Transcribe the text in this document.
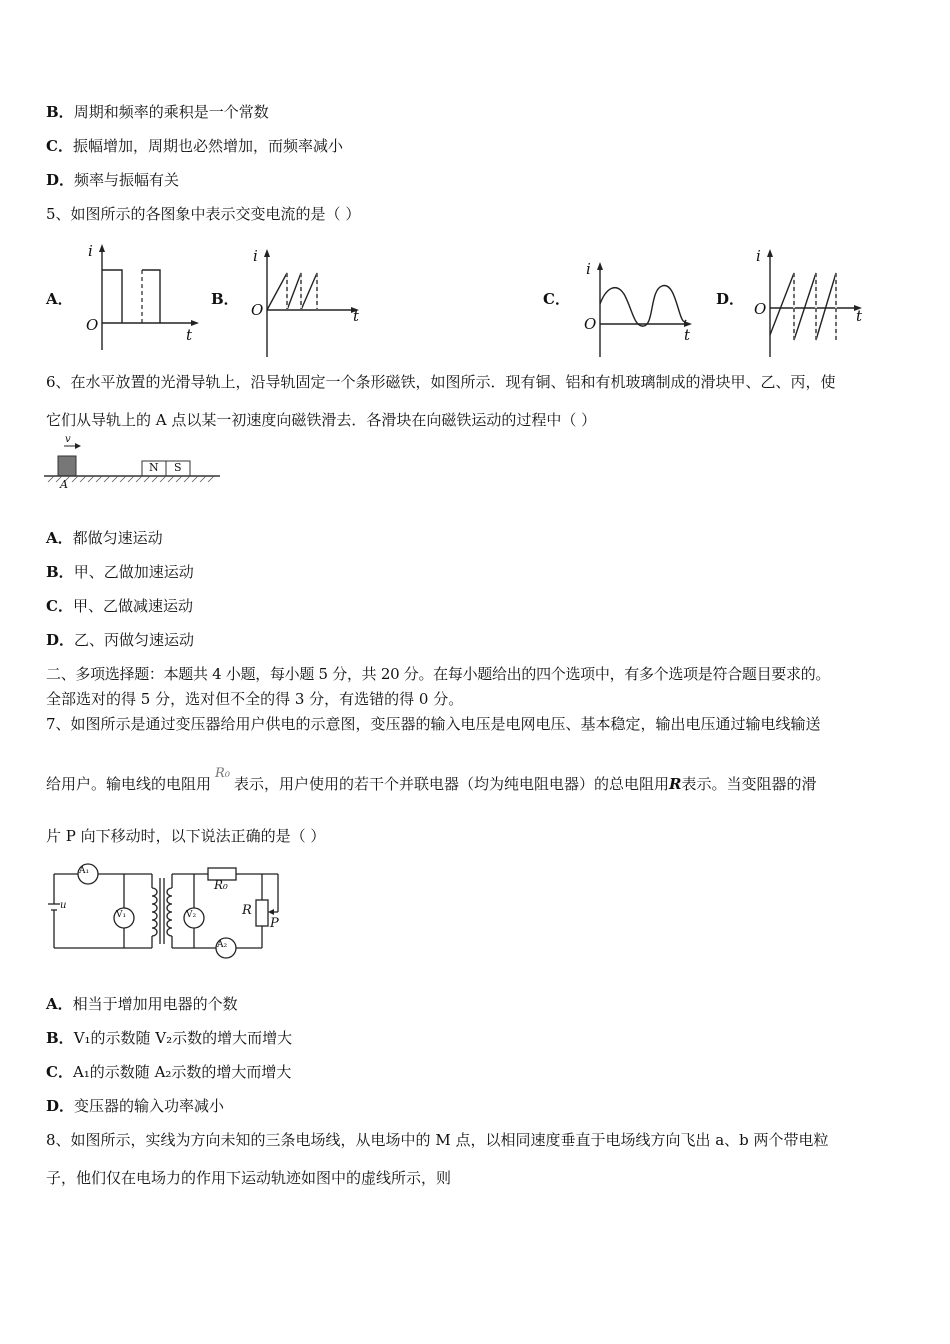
B．周期和频率的乘积是一个常数
C．振幅增加，周期也必然增加，而频率减小
D．频率与振幅有关
5、如图所示的各图象中表示交变电流的是（ ）
A．
i
t
O
B．
i
t
O
C．
i
t
O
D．
i
t
O
6、在水平放置的光滑导轨上，沿导轨固定一个条形磁铁，如图所示．现有铜、铝和有机玻璃制成的滑块甲、乙、丙，使
它们从导轨上的 A 点以某一初速度向磁铁滑去．各滑块在向磁铁运动的过程中（ ）
v
A
N S
A．都做匀速运动
B．甲、乙做加速运动
C．甲、乙做减速运动
D．乙、丙做匀速运动
二、多项选择题：本题共 4 小题，每小题 5 分，共 20 分。在每小题给出的四个选项中，有多个选项是符合题目要求的。
全部选对的得 5 分，选对但不全的得 3 分，有选错的得 0 分。
7、如图所示是通过变压器给用户供电的示意图，变压器的输入电压是电网电压、基本稳定，输出电压通过输电线输送
给用户。输电线的电阻用R₀表示，用户使用的若干个并联电器（均为纯电阻电器）的总电阻用R表示。当变阻器的滑
片 P 向下移动时，以下说法正确的是（ ）
A₁
V₁	V₂
A₂
R₀
R
P
u
A．相当于增加用电器的个数
B．V₁的示数随 V₂示数的增大而增大
C．A₁的示数随 A₂示数的增大而增大
D．变压器的输入功率减小
8、如图所示，实线为方向未知的三条电场线，从电场中的 M 点，以相同速度垂直于电场线方向飞出 a、b 两个带电粒
子，他们仅在电场力的作用下运动轨迹如图中的虚线所示，则
